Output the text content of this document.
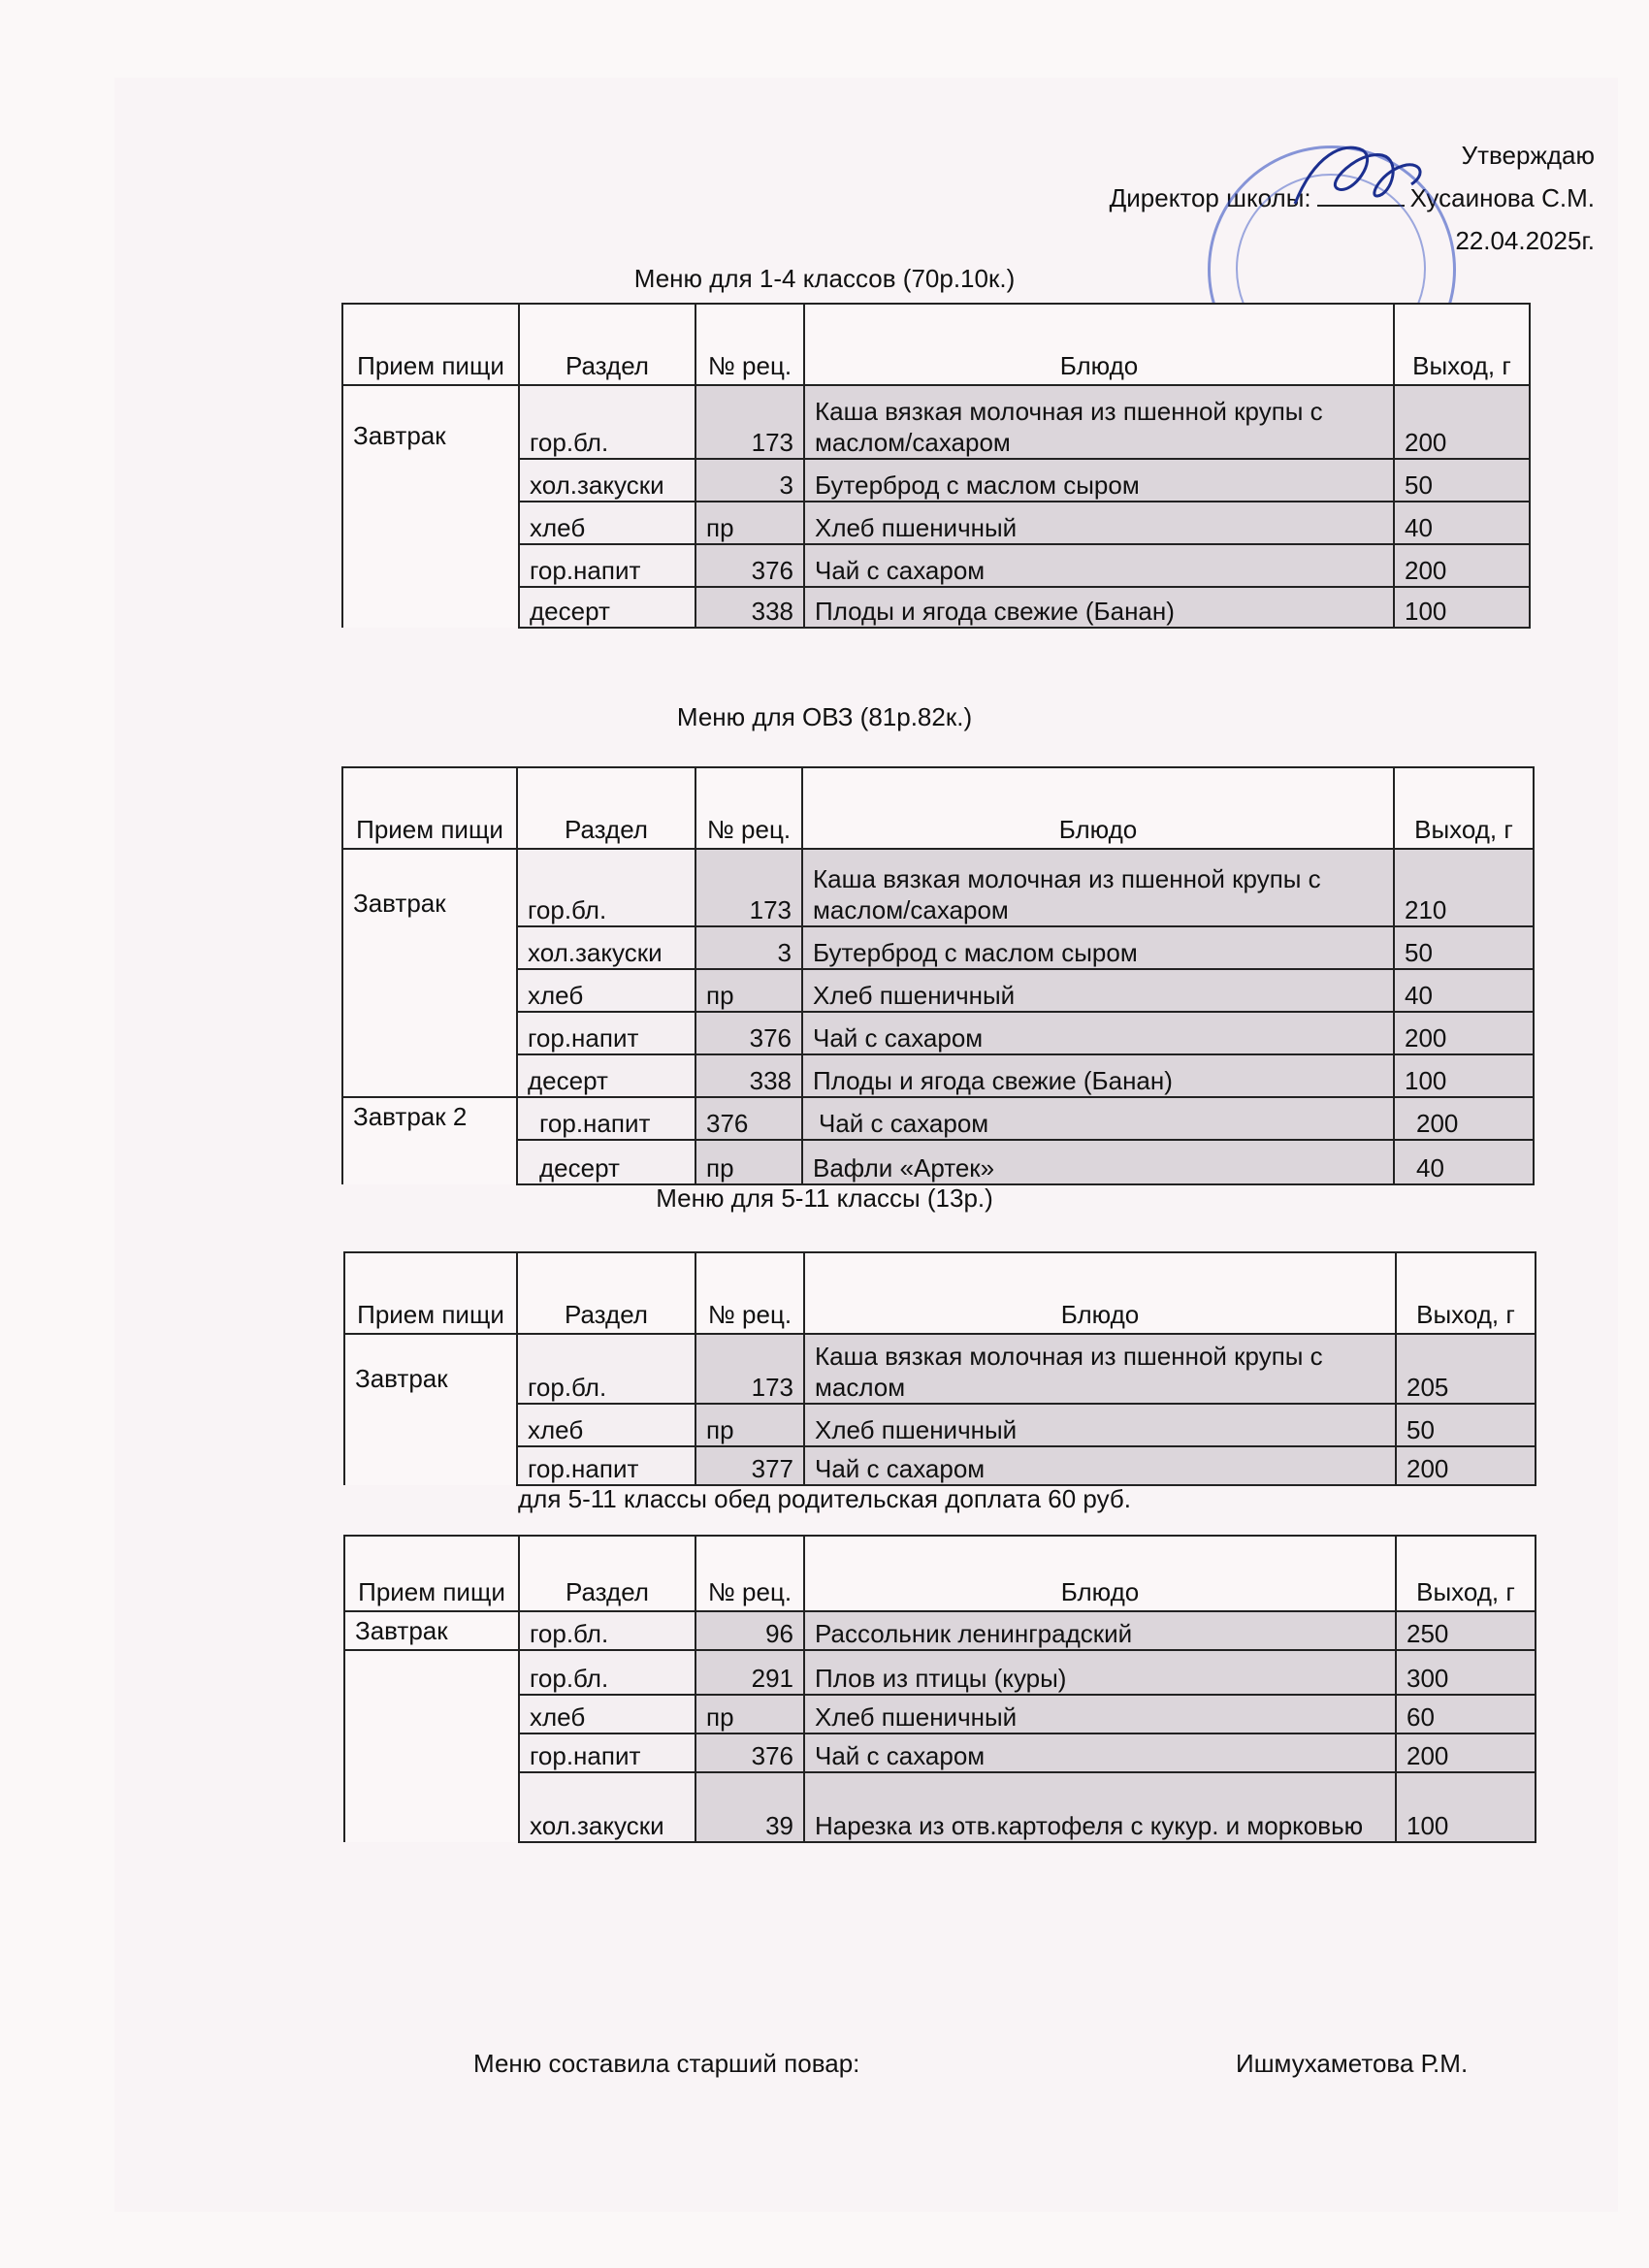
Утверждаю
Директор школы:	Хусаинова С.М.
22.04.2025г.
Меню для 1-4 классов (70р.10к.)
Прием пищи	Раздел	№ рец.	Блюдо	Выход, г
Завтрак	гор.бл.	173	Каша вязкая молочная из пшенной крупы с маслом/сахаром	200
	хол.закуски	3	Бутерброд с маслом сыром	50
	хлеб	пр	Хлеб пшеничный	40
	гор.напит	376	Чай с сахаром	200
	десерт	338	Плоды и ягода свежие (Банан)	100
Меню для ОВЗ (81р.82к.)
Прием пищи	Раздел	№ рец.	Блюдо	Выход, г
Завтрак	гор.бл.	173	Каша вязкая молочная из пшенной крупы с маслом/сахаром	210
	хол.закуски	3	Бутерброд с маслом сыром	50
	хлеб	пр	Хлеб пшеничный	40
	гор.напит	376	Чай с сахаром	200
	десерт	338	Плоды и ягода свежие (Банан)	100
Завтрак 2	гор.напит	376	Чай с сахаром	200
	десерт	пр	Вафли «Артек»	40
Меню для 5-11 классы (13р.)
Прием пищи	Раздел	№ рец.	Блюдо	Выход, г
Завтрак	гор.бл.	173	Каша вязкая молочная из пшенной крупы с маслом	205
	хлеб	пр	Хлеб пшеничный	50
	гор.напит	377	Чай с сахаром	200
для 5-11 классы обед родительская доплата 60 руб.
Прием пищи	Раздел	№ рец.	Блюдо	Выход, г
Завтрак	гор.бл.	96	Рассольник ленинградский	250
	гор.бл.	291	Плов из птицы (куры)	300
	хлеб	пр	Хлеб пшеничный	60
	гор.напит	376	Чай с сахаром	200
	хол.закуски	39	Нарезка из отв.картофеля с кукур. и морковью	100
Меню составила старший повар:	Ишмухаметова Р.М.
